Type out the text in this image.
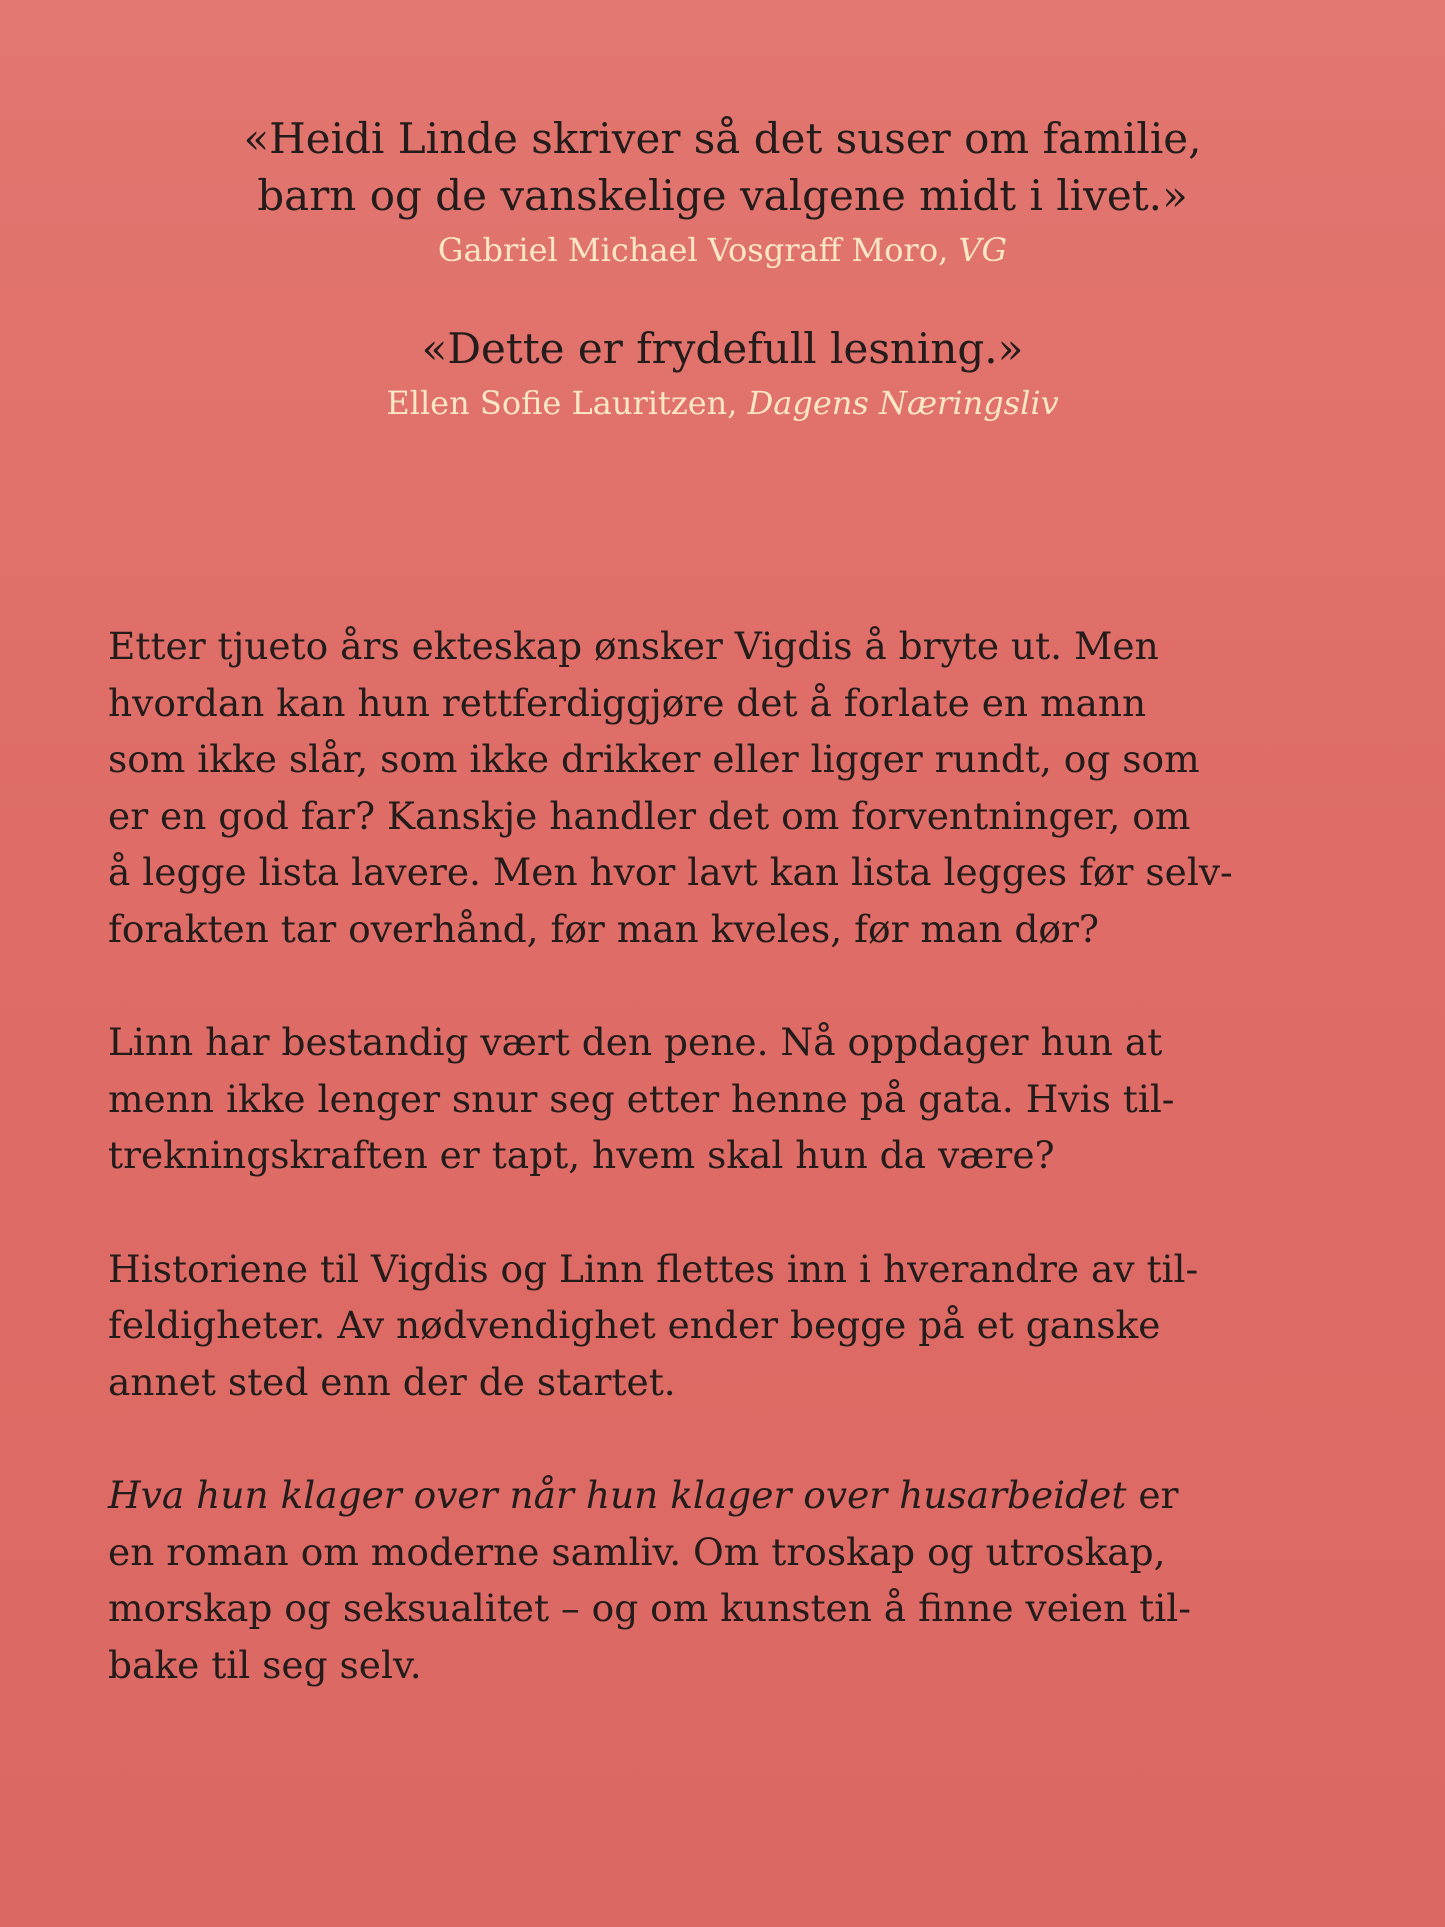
«Heidi Linde skriver så det suser om familie,
barn og de vanskelige valgene midt i livet.»

Gabriel Michael Vosgraff Moro, VG

«Dette er frydefull lesning.»

Ellen Sofie Lauritzen, Dagens Næringsliv

Etter tjueto års ekteskap ønsker Vigdis å bryte ut. Men
hvordan kan hun rettferdiggjøre det å forlate en mann
som ikke slår, som ikke drikker eller ligger rundt, og som
er en god far? Kanskje handler det om forventninger, om
å legge lista lavere. Men hvor lavt kan lista legges før selv-
forakten tar overhånd, før man kveles, før man dør?
Linn har bestandig vært den pene. Nå oppdager hun at
menn ikke lenger snur seg etter henne på gata. Hvis til-
trekningskraften er tapt, hvem skal hun da være?
Historiene til Vigdis og Linn flettes inn i hverandre av til-
feldigheter. Av nødvendighet ender begge på et ganske
annet sted enn der de startet.
Hva hun klager over når hun klager over husarbeidet er
en roman om moderne samliv. Om troskap og utroskap,
morskap og seksualitet – og om kunsten å finne veien til-
bake til seg selv.
